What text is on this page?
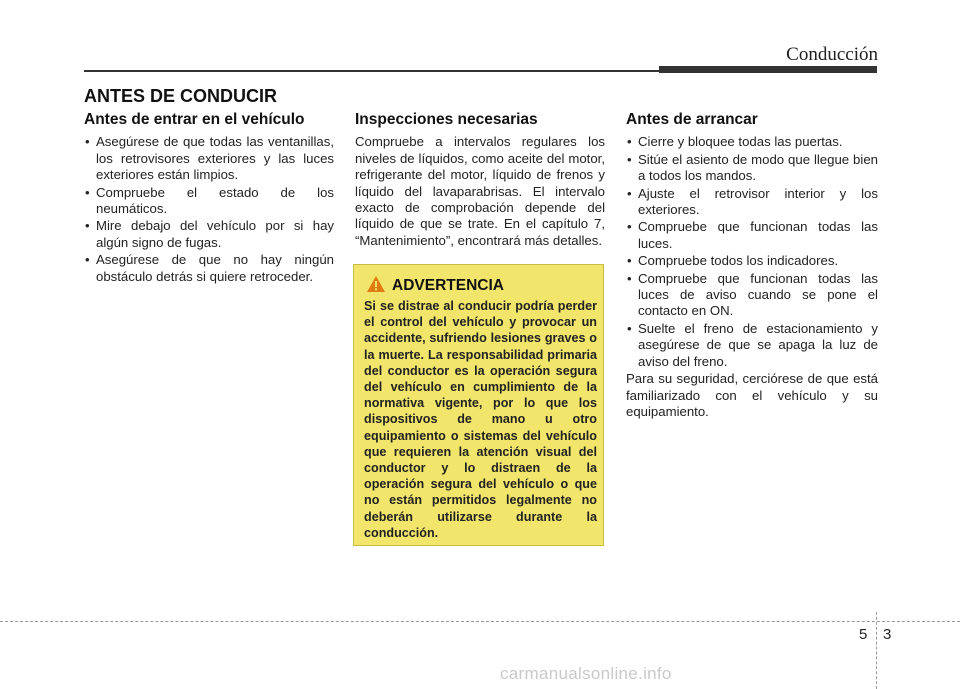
Conducción
ANTES DE CONDUCIR
Antes de entrar en el vehículo
• Asegúrese de que todas las ventanillas, los retrovisores exteriores y las luces exteriores están limpios.
• Compruebe el estado de los neumáticos.
• Mire debajo del vehículo por si hay algún signo de fugas.
• Asegúrese de que no hay ningún obstáculo detrás si quiere retroceder.
Inspecciones necesarias

Compruebe a intervalos regulares los niveles de líquidos, como aceite del motor, refrigerante del motor, líquido de frenos y líquido del lavaparabrisas. El intervalo exacto de comprobación depende del líquido de que se trate. En el capítulo 7, “Mantenimiento”, encontrará más detalles.

ADVERTENCIA
Si se distrae al conducir podría perder el control del vehículo y provocar un accidente, sufriendo lesiones graves o la muerte. La responsabilidad primaria del conductor es la operación segura del vehículo en cumplimiento de la normativa vigente, por lo que los dispositivos de mano u otro equipamiento o sistemas del vehículo que requieren la atención visual del conductor y lo distraen de la operación segura del vehículo o que no están permitidos legalmente no deberán utilizarse durante la conducción.
Antes de arrancar
• Cierre y bloquee todas las puertas.
• Sitúe el asiento de modo que llegue bien a todos los mandos.
• Ajuste el retrovisor interior y los exteriores.
• Compruebe que funcionan todas las luces.
• Compruebe todos los indicadores.
• Compruebe que funcionan todas las luces de aviso cuando se pone el contacto en ON.
• Suelte el freno de estacionamiento y asegúrese de que se apaga la luz de aviso del freno.

Para su seguridad, cerciórese de que está familiarizado con el vehículo y su equipamiento.

5 3
carmanualsonline.info
